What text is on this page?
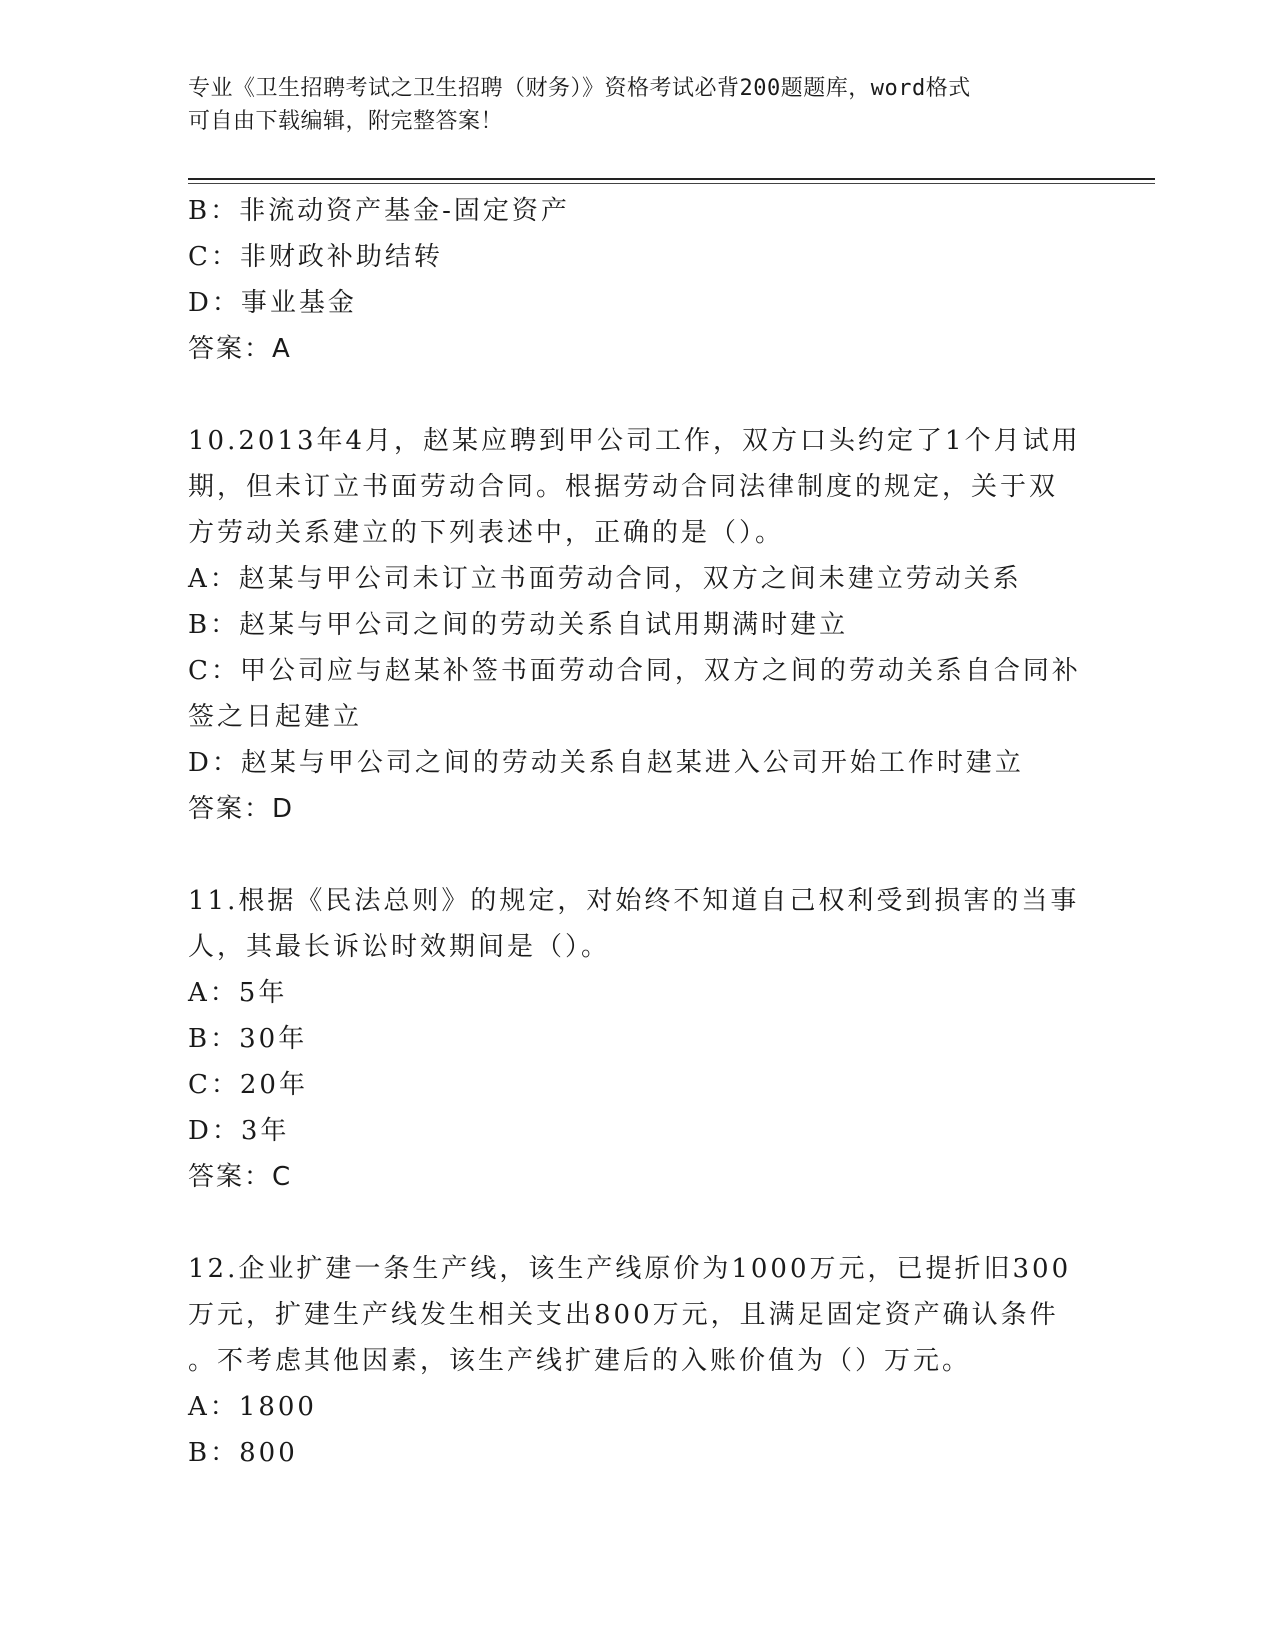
专业《卫生招聘考试之卫生招聘（财务）》资格考试必背200题题库，word格式
可自由下载编辑，附完整答案！
B：非流动资产基金-固定资产
C：非财政补助结转
D：事业基金
答案：A
10.2013年4月，赵某应聘到甲公司工作，双方口头约定了1个月试用
期，但未订立书面劳动合同。根据劳动合同法律制度的规定，关于双
方劳动关系建立的下列表述中，正确的是（）。
A：赵某与甲公司未订立书面劳动合同，双方之间未建立劳动关系
B：赵某与甲公司之间的劳动关系自试用期满时建立
C：甲公司应与赵某补签书面劳动合同，双方之间的劳动关系自合同补
签之日起建立
D：赵某与甲公司之间的劳动关系自赵某进入公司开始工作时建立
答案：D
11.根据《民法总则》的规定，对始终不知道自己权利受到损害的当事
人，其最长诉讼时效期间是（）。
A：5年
B：30年
C：20年
D：3年
答案：C
12.企业扩建一条生产线，该生产线原价为1000万元，已提折旧300
万元，扩建生产线发生相关支出800万元，且满足固定资产确认条件
。不考虑其他因素，该生产线扩建后的入账价值为（）万元。
A：1800
B：800
